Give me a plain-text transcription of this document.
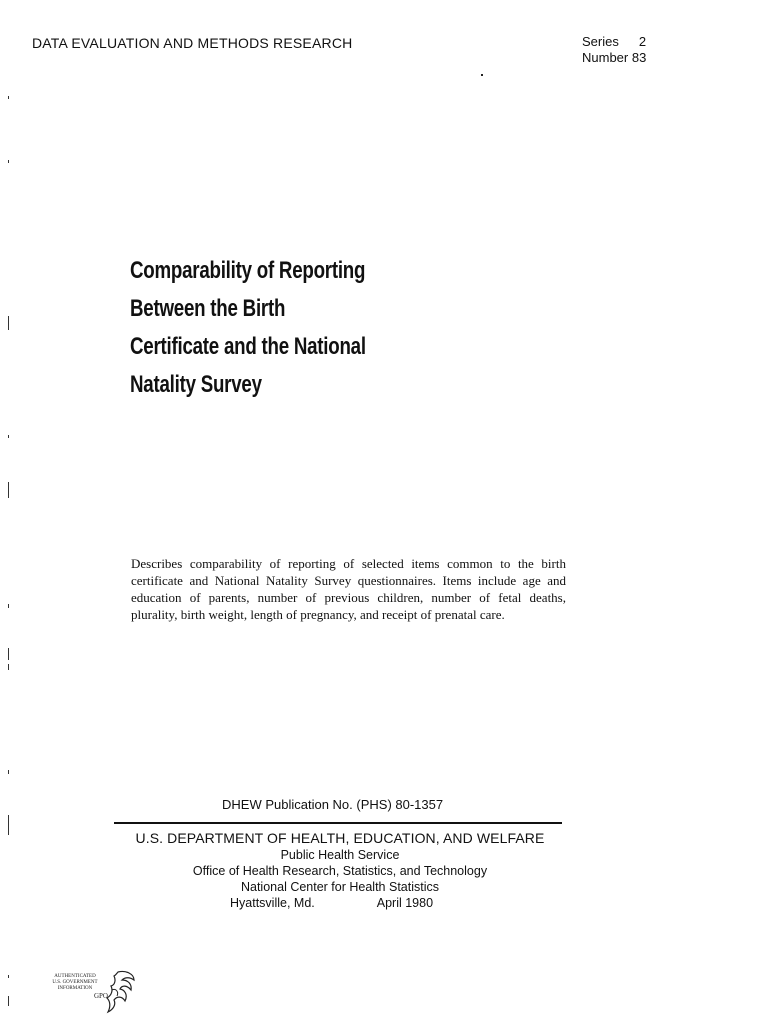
DATA EVALUATION AND METHODS RESEARCH	Series 2
Number 83
Comparability of Reporting
Between the Birth
Certificate and the National
Natality Survey
Describes comparability of reporting of selected items common to the birth certificate and National Natality Survey questionnaires. Items include age and education of parents, number of previous children, number of fetal deaths, plurality, birth weight, length of pregnancy, and receipt of prenatal care.
DHEW Publication No. (PHS) 80-1357
U.S. DEPARTMENT OF HEALTH, EDUCATION, AND WELFARE
Public Health Service
Office of Health Research, Statistics, and Technology
National Center for Health Statistics
Hyattsville, Md.	April 1980
AUTHENTICATED
U.S. GOVERNMENT
INFORMATION
GPO
